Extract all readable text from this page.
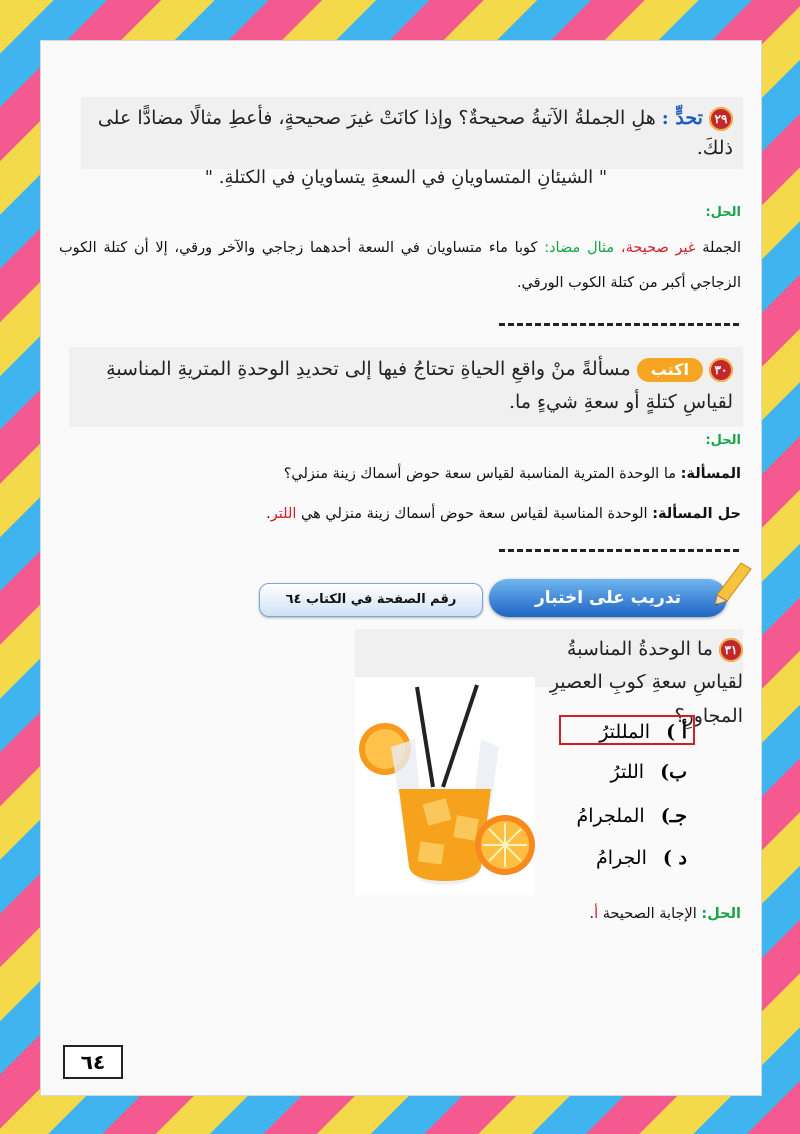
٢٩ تحدٍّ : هلِ الجملةُ الآتيةُ صحيحةٌ؟ وإذا كانَتْ غيرَ صحيحةٍ، فأعطِ مثالًا مضادًّا على ذلكَ.
" الشيئانِ المتساويانِ في السعةِ يتساويانِ في الكتلةِ. "
الحل:
الجملة غير صحيحة، مثال مضاد: كوبا ماء متساويان في السعة أحدهما زجاجي والآخر ورقي، إلا أن كتلة الكوب الزجاجي أكبر من كتلة الكوب الورقي.
٣٠ اكتب مسألةً منْ واقعِ الحياةِ تحتاجُ فيها إلى تحديدِ الوحدةِ المتريةِ المناسبةِ لقياسِ كتلةٍ أو سعةِ شيءٍ ما.
الحل:
المسألة: ما الوحدة المترية المناسبة لقياس سعة حوض أسماك زينة منزلي؟
حل المسألة: الوحدة المناسبة لقياس سعة حوض أسماك زينة منزلي هي اللتر.
رقم الصفحة في الكتاب ٦٤	تدريب على اختبار
٣١ ما الوحدةُ المناسبةُ لقياسِ سعةِ كوبِ العصيرِ المجاورِ؟
أ ) المللترُ
ب) اللترُ
جـ) الملجرامُ
د ) الجرامُ
الحل: الإجابة الصحيحة أ.
٦٤
